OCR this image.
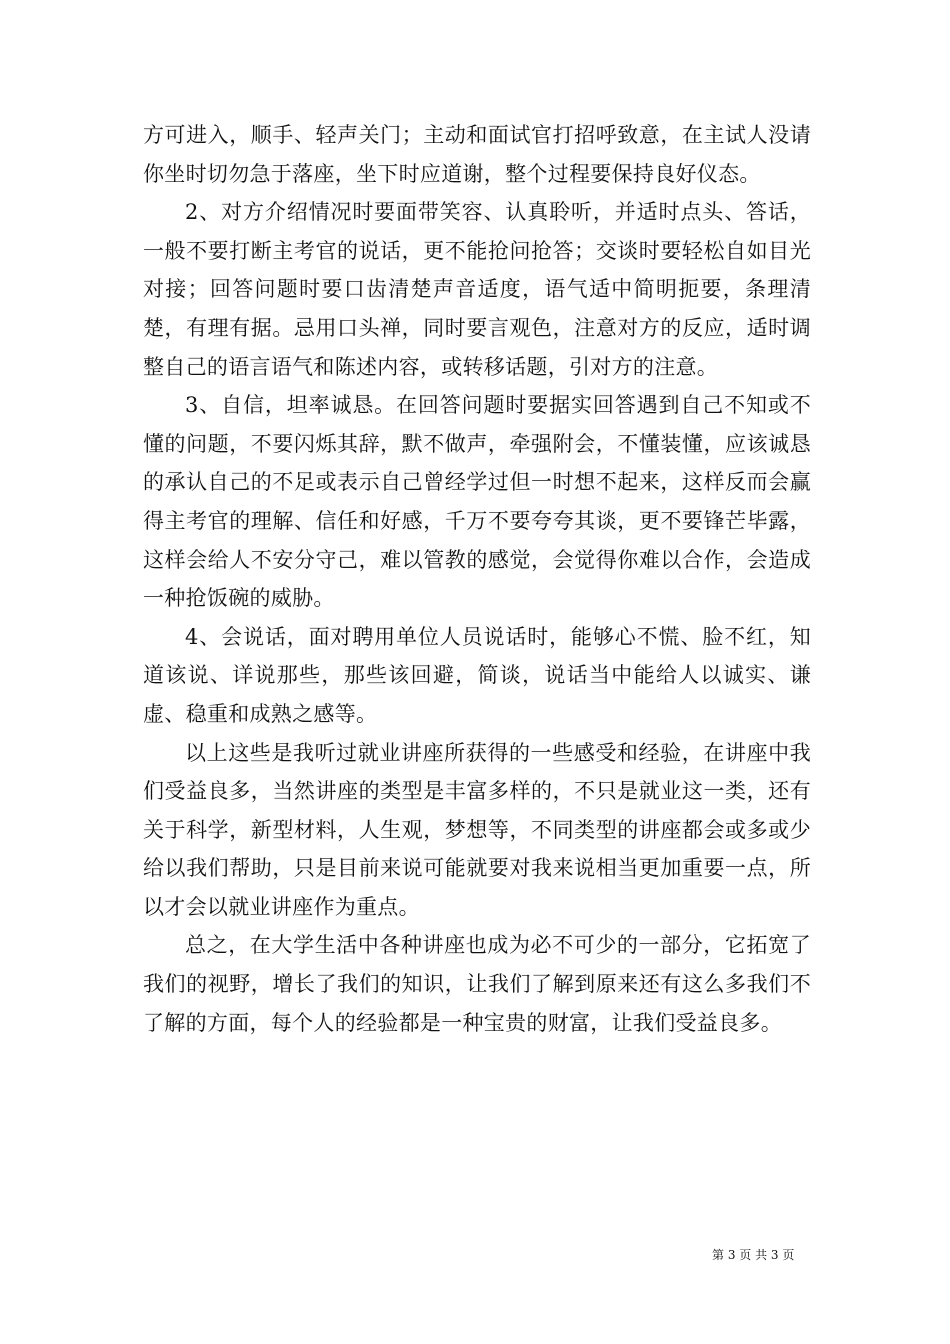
方可进入，顺手、轻声关门；主动和面试官打招呼致意，在主试人没请你坐时切勿急于落座，坐下时应道谢，整个过程要保持良好仪态。

2、对方介绍情况时要面带笑容、认真聆听，并适时点头、答话，一般不要打断主考官的说话，更不能抢问抢答；交谈时要轻松自如目光对接；回答问题时要口齿清楚声音适度，语气适中简明扼要，条理清楚，有理有据。忌用口头禅，同时要言观色，注意对方的反应，适时调整自己的语言语气和陈述内容，或转移话题，引对方的注意。

3、自信，坦率诚恳。在回答问题时要据实回答遇到自己不知或不懂的问题，不要闪烁其辞，默不做声，牵强附会，不懂装懂，应该诚恳的承认自己的不足或表示自己曾经学过但一时想不起来，这样反而会赢得主考官的理解、信任和好感，千万不要夸夸其谈，更不要锋芒毕露，这样会给人不安分守己，难以管教的感觉，会觉得你难以合作，会造成一种抢饭碗的威胁。

4、会说话，面对聘用单位人员说话时，能够心不慌、脸不红，知道该说、详说那些，那些该回避，简谈，说话当中能给人以诚实、谦虚、稳重和成熟之感等。

以上这些是我听过就业讲座所获得的一些感受和经验，在讲座中我们受益良多，当然讲座的类型是丰富多样的，不只是就业这一类，还有关于科学，新型材料，人生观，梦想等，不同类型的讲座都会或多或少给以我们帮助，只是目前来说可能就要对我来说相当更加重要一点，所以才会以就业讲座作为重点。

总之，在大学生活中各种讲座也成为必不可少的一部分，它拓宽了我们的视野，增长了我们的知识，让我们了解到原来还有这么多我们不了解的方面，每个人的经验都是一种宝贵的财富，让我们受益良多。

第 3 页 共 3 页
